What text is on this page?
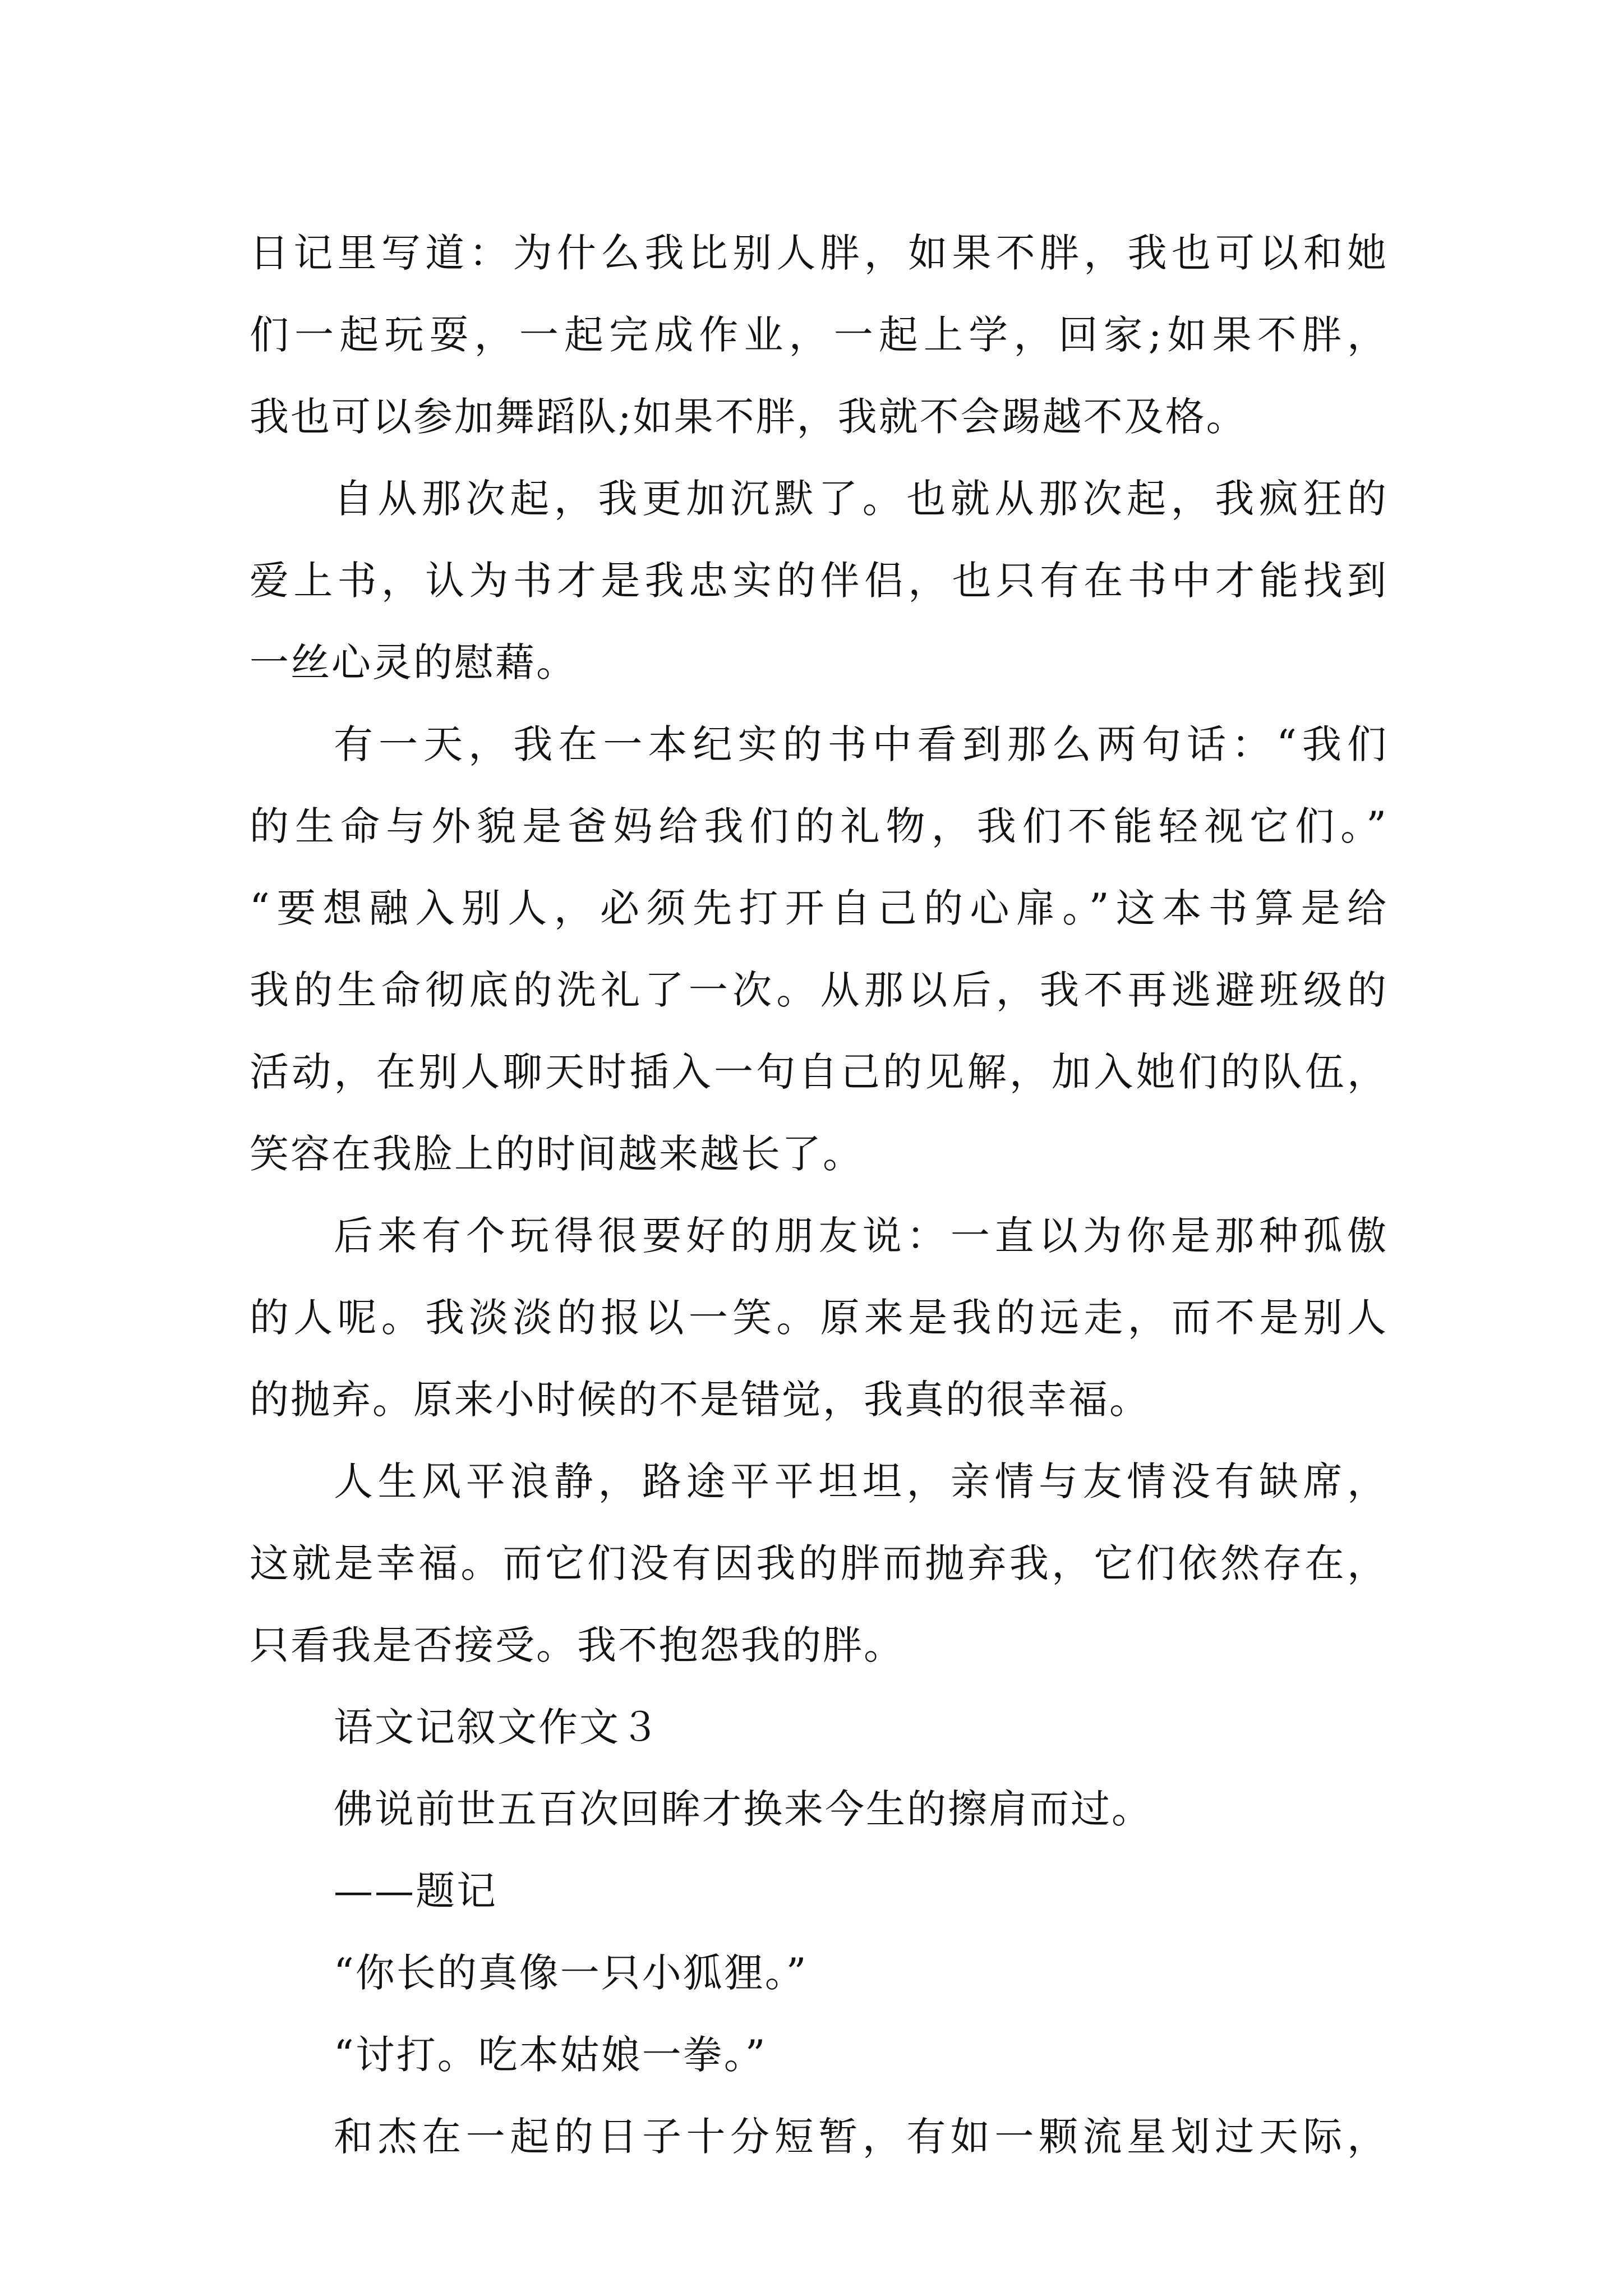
日记里写道：为什么我比别人胖，如果不胖，我也可以和她
们一起玩耍，一起完成作业，一起上学，回家;如果不胖，
我也可以参加舞蹈队;如果不胖，我就不会踢越不及格。
自从那次起，我更加沉默了。也就从那次起，我疯狂的
爱上书，认为书才是我忠实的伴侣，也只有在书中才能找到
一丝心灵的慰藉。
有一天，我在一本纪实的书中看到那么两句话：“我们
的生命与外貌是爸妈给我们的礼物，我们不能轻视它们。”
“要想融入别人，必须先打开自己的心扉。”这本书算是给
我的生命彻底的洗礼了一次。从那以后，我不再逃避班级的
活动，在别人聊天时插入一句自己的见解，加入她们的队伍，
笑容在我脸上的时间越来越长了。
后来有个玩得很要好的朋友说：一直以为你是那种孤傲
的人呢。我淡淡的报以一笑。原来是我的远走，而不是别人
的抛弃。原来小时候的不是错觉，我真的很幸福。
人生风平浪静，路途平平坦坦，亲情与友情没有缺席，
这就是幸福。而它们没有因我的胖而抛弃我，它们依然存在，
只看我是否接受。我不抱怨我的胖。
语文记叙文作文３
佛说前世五百次回眸才换来今生的擦肩而过。
——题记
“你长的真像一只小狐狸。”
“讨打。吃本姑娘一拳。”
和杰在一起的日子十分短暂，有如一颗流星划过天际，
